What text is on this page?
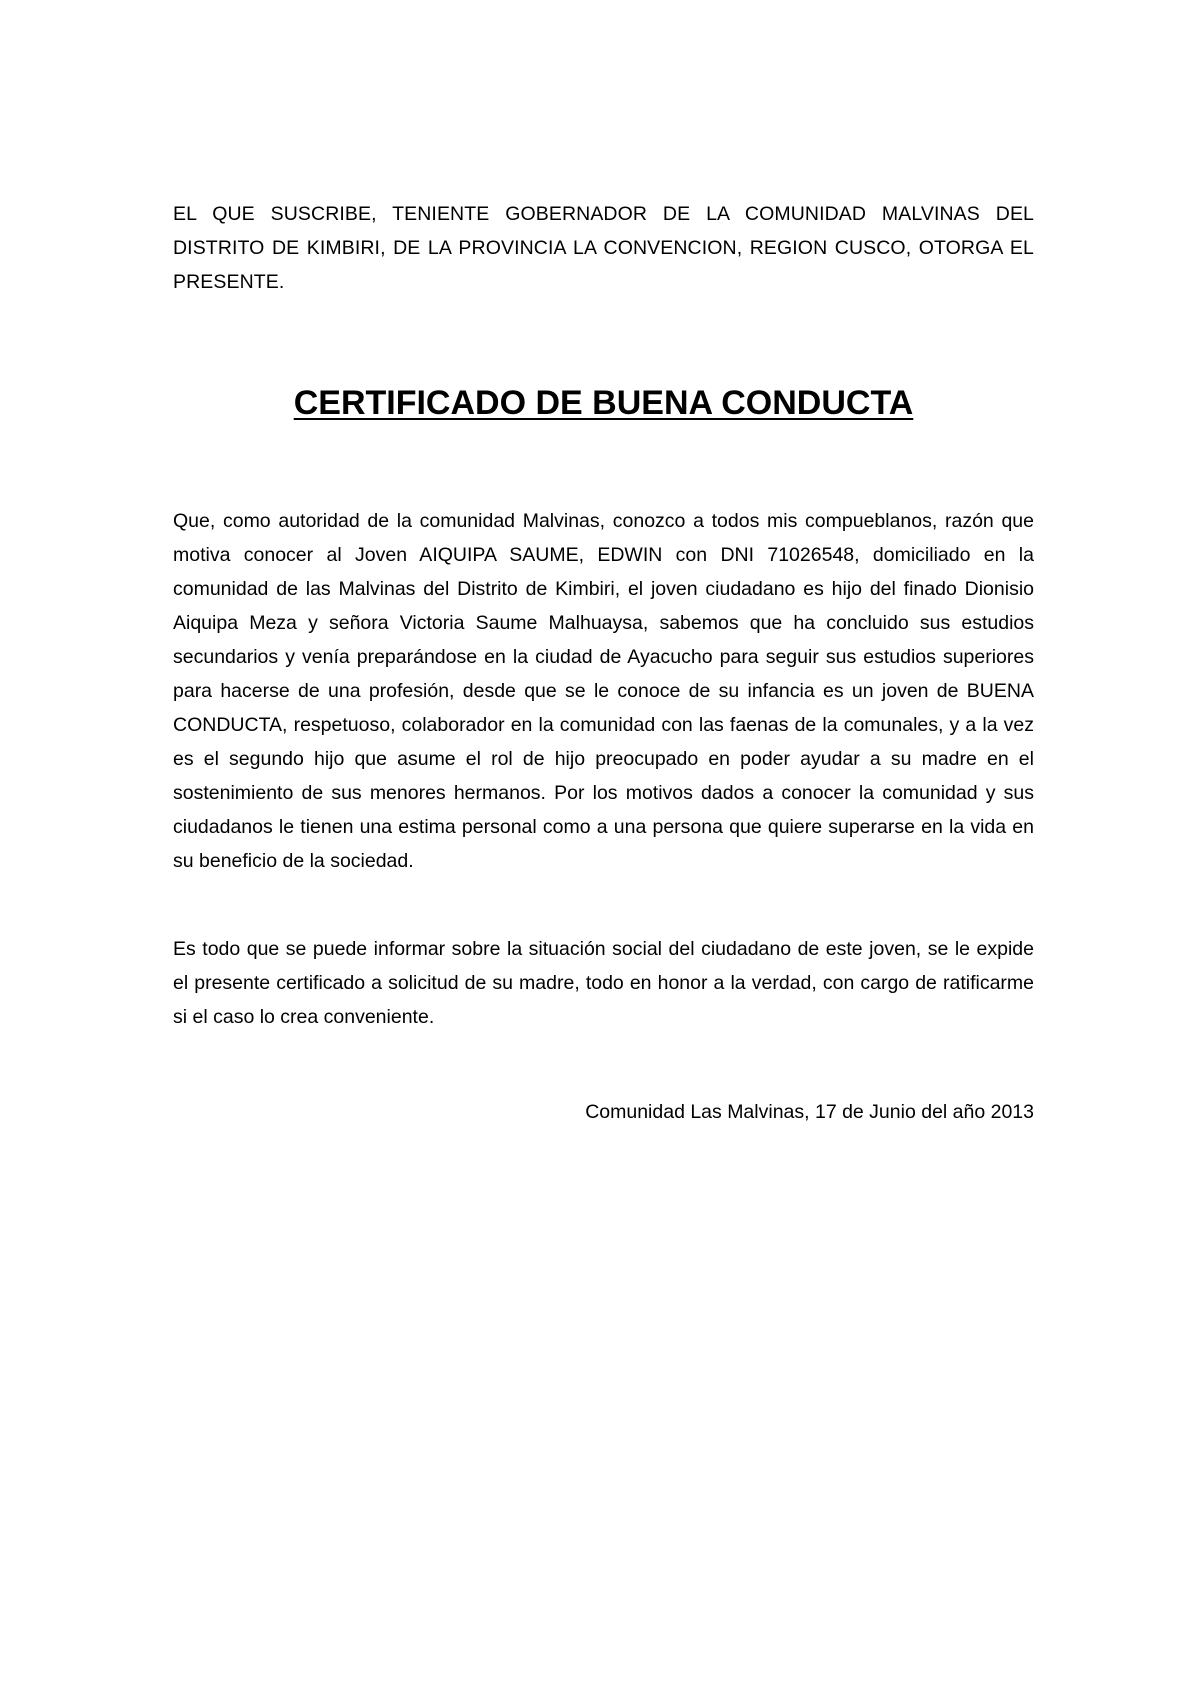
EL QUE SUSCRIBE, TENIENTE GOBERNADOR DE LA COMUNIDAD MALVINAS DEL DISTRITO DE KIMBIRI, DE LA PROVINCIA LA CONVENCION, REGION CUSCO, OTORGA EL PRESENTE.

CERTIFICADO DE BUENA CONDUCTA

Que, como autoridad de la comunidad Malvinas, conozco a todos mis compueblanos, razón que motiva conocer al Joven AIQUIPA SAUME, EDWIN con DNI 71026548, domiciliado en la comunidad de las Malvinas del Distrito de Kimbiri, el joven ciudadano es hijo del finado Dionisio Aiquipa Meza y señora Victoria Saume Malhuaysa, sabemos que ha concluido sus estudios secundarios y venía preparándose en la ciudad de Ayacucho para seguir sus estudios superiores para hacerse de una profesión, desde que se le conoce de su infancia es un joven de BUENA CONDUCTA, respetuoso, colaborador en la comunidad con las faenas de la comunales, y a la vez es el segundo hijo que asume el rol de hijo preocupado en poder ayudar a su madre en el sostenimiento de sus menores hermanos. Por los motivos dados a conocer la comunidad y sus ciudadanos le tienen una estima personal como a una persona que quiere superarse en la vida en su beneficio de la sociedad.

Es todo que se puede informar sobre la situación social del ciudadano de este joven, se le expide el presente certificado a solicitud de su madre, todo en honor a la verdad, con cargo de ratificarme si el caso lo crea conveniente.

Comunidad Las Malvinas, 17 de Junio del año 2013
